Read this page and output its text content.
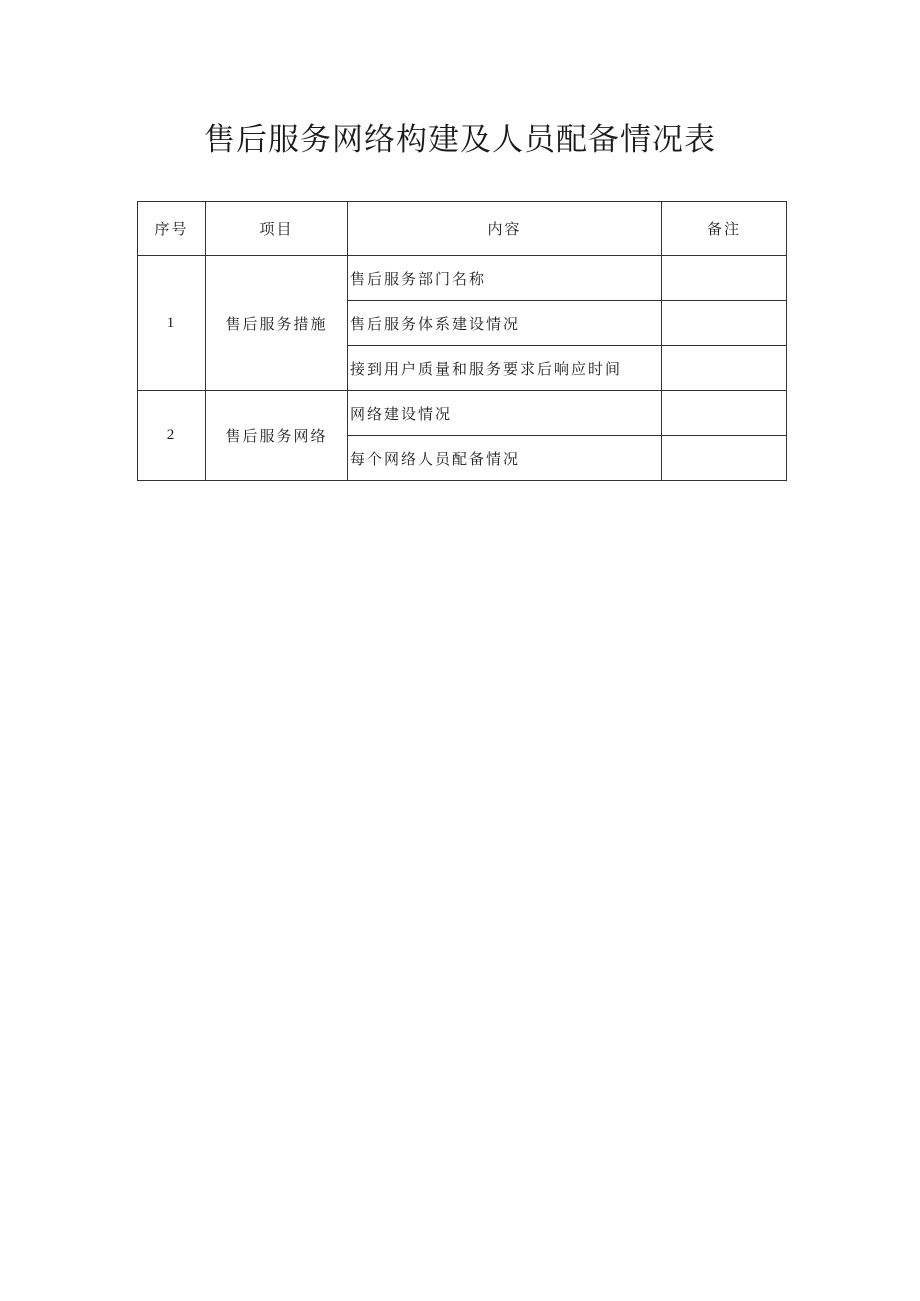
售后服务网络构建及人员配备情况表
序号	项目	内容	备注
1	售后服务措施	售后服务部门名称	
		售后服务体系建设情况	
		接到用户质量和服务要求后响应时间	
2	售后服务网络	网络建设情况	
		每个网络人员配备情况	
